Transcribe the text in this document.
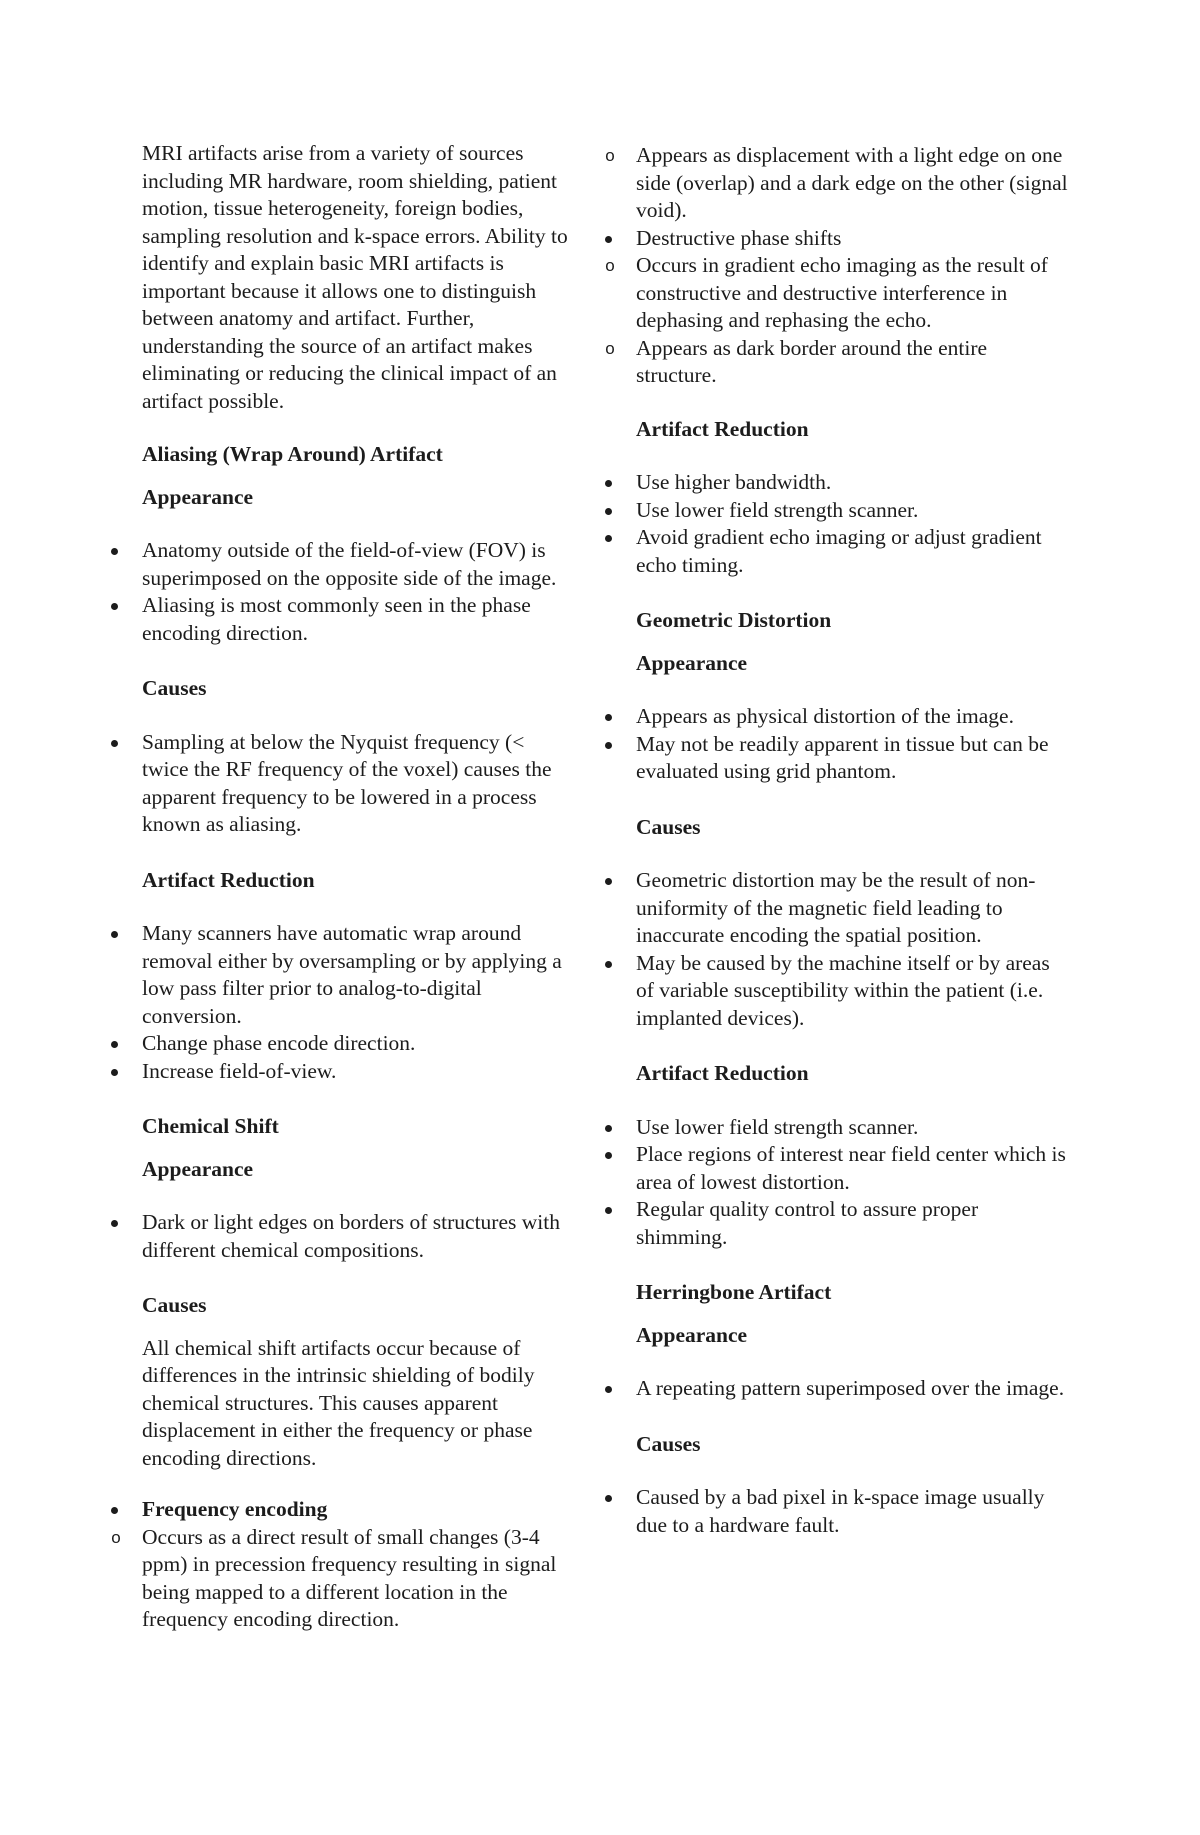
MRI artifacts arise from a variety of sources including MR hardware, room shielding, patient motion, tissue heterogeneity, foreign bodies, sampling resolution and k-space errors. Ability to identify and explain basic MRI artifacts is important because it allows one to distinguish between anatomy and artifact. Further, understanding the source of an artifact makes eliminating or reducing the clinical impact of an artifact possible.

Aliasing (Wrap Around) Artifact

Appearance

Anatomy outside of the field-of-view (FOV) is superimposed on the opposite side of the image.
Aliasing is most commonly seen in the phase encoding direction.

Causes

Sampling at below the Nyquist frequency (< twice the RF frequency of the voxel) causes the apparent frequency to be lowered in a process known as aliasing.

Artifact Reduction

Many scanners have automatic wrap around removal either by oversampling or by applying a low pass filter prior to analog-to-digital conversion.
Change phase encode direction.
Increase field-of-view.

Chemical Shift

Appearance

Dark or light edges on borders of structures with different chemical compositions.

Causes

All chemical shift artifacts occur because of differences in the intrinsic shielding of bodily chemical structures. This causes apparent displacement in either the frequency or phase encoding directions.

Frequency encoding
o Occurs as a direct result of small changes (3-4 ppm) in precession frequency resulting in signal being mapped to a different location in the frequency encoding direction.
o Appears as displacement with a light edge on one side (overlap) and a dark edge on the other (signal void).
Destructive phase shifts
o Occurs in gradient echo imaging as the result of constructive and destructive interference in dephasing and rephasing the echo.
o Appears as dark border around the entire structure.

Artifact Reduction

Use higher bandwidth.
Use lower field strength scanner.
Avoid gradient echo imaging or adjust gradient echo timing.

Geometric Distortion

Appearance

Appears as physical distortion of the image.
May not be readily apparent in tissue but can be evaluated using grid phantom.

Causes

Geometric distortion may be the result of non-uniformity of the magnetic field leading to inaccurate encoding the spatial position.
May be caused by the machine itself or by areas of variable susceptibility within the patient (i.e. implanted devices).

Artifact Reduction

Use lower field strength scanner.
Place regions of interest near field center which is area of lowest distortion.
Regular quality control to assure proper shimming.

Herringbone Artifact

Appearance

A repeating pattern superimposed over the image.

Causes

Caused by a bad pixel in k-space image usually due to a hardware fault.
